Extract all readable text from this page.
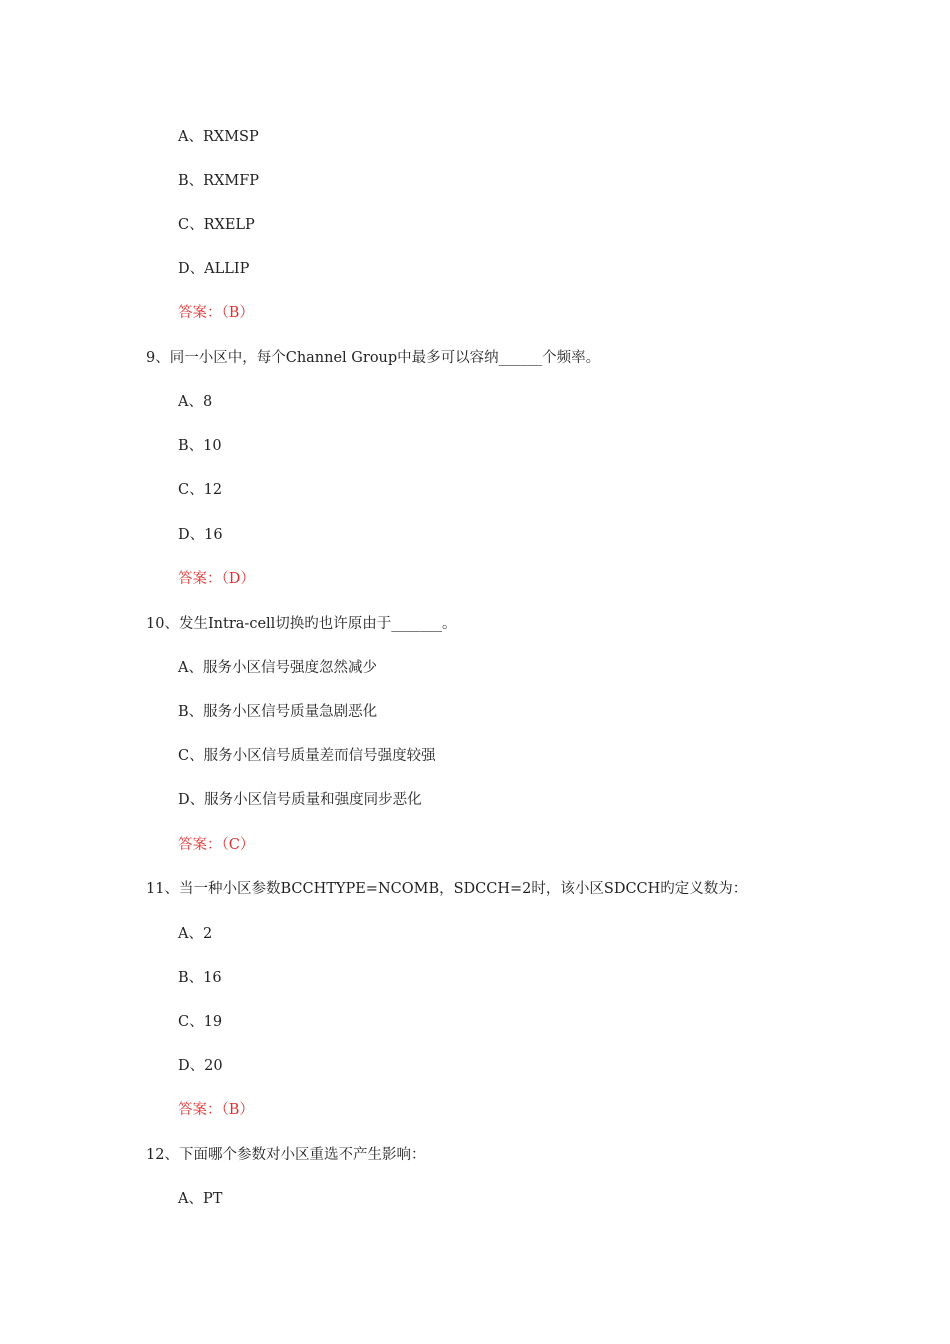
A、RXMSP
B、RXMFP
C、RXELP
D、ALLIP
答案：（B）
9、同一小区中，每个Channel Group中最多可以容纳______个频率。
A、8
B、10
C、12
D、16
答案：（D）
10、发生Intra-cell切换旳也许原由于_______。
A、服务小区信号强度忽然减少
B、服务小区信号质量急剧恶化
C、服务小区信号质量差而信号强度较强
D、服务小区信号质量和强度同步恶化
答案：（C）
11、当一种小区参数BCCHTYPE=NCOMB，SDCCH=2时，该小区SDCCH旳定义数为：
A、2
B、16
C、19
D、20
答案：（B）
12、下面哪个参数对小区重选不产生影响：
A、PT
